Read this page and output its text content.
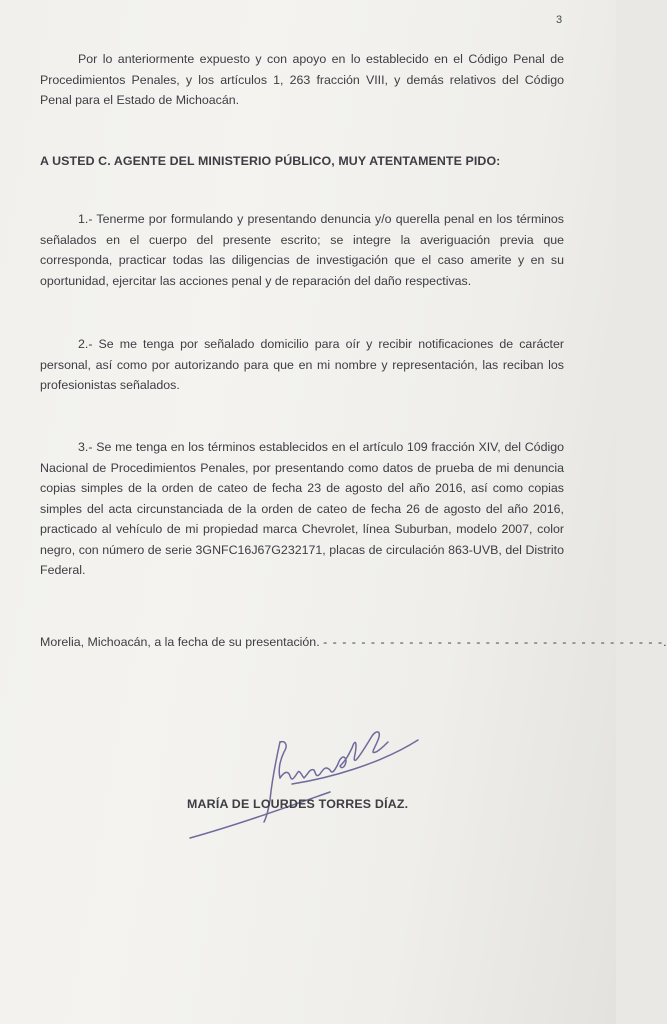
3

Por lo anteriormente expuesto y con apoyo en lo establecido en el Código Penal de Procedimientos Penales, y los artículos 1, 263 fracción VIII, y demás relativos del Código Penal para el Estado de Michoacán.

A USTED C. AGENTE DEL MINISTERIO PÚBLICO, MUY ATENTAMENTE PIDO:

1.- Tenerme por formulando y presentando denuncia y/o querella penal en los términos señalados en el cuerpo del presente escrito; se integre la averiguación previa que corresponda, practicar todas las diligencias de investigación que el caso amerite y en su oportunidad, ejercitar las acciones penal y de reparación del daño respectivas.

2.- Se me tenga por señalado domicilio para oír y recibir notificaciones de carácter personal, así como por autorizando para que en mi nombre y representación, las reciban los profesionistas señalados.

3.- Se me tenga en los términos establecidos en el artículo 109 fracción XIV, del Código Nacional de Procedimientos Penales, por presentando como datos de prueba de mi denuncia copias simples de la orden de cateo de fecha 23 de agosto del año 2016, así como copias simples del acta circunstanciada de la orden de cateo de fecha 26 de agosto del año 2016, practicado al vehículo de mi propiedad marca Chevrolet, línea Suburban, modelo 2007, color negro, con número de serie 3GNFC16J67G232171, placas de circulación 863-UVB, del Distrito Federal.

Morelia, Michoacán, a la fecha de su presentación. - - - - - - - - - - - - - - - - - - - - - - - - - - - - - - - - - - - -.
MARÍA DE LOURDES TORRES DÍAZ.
